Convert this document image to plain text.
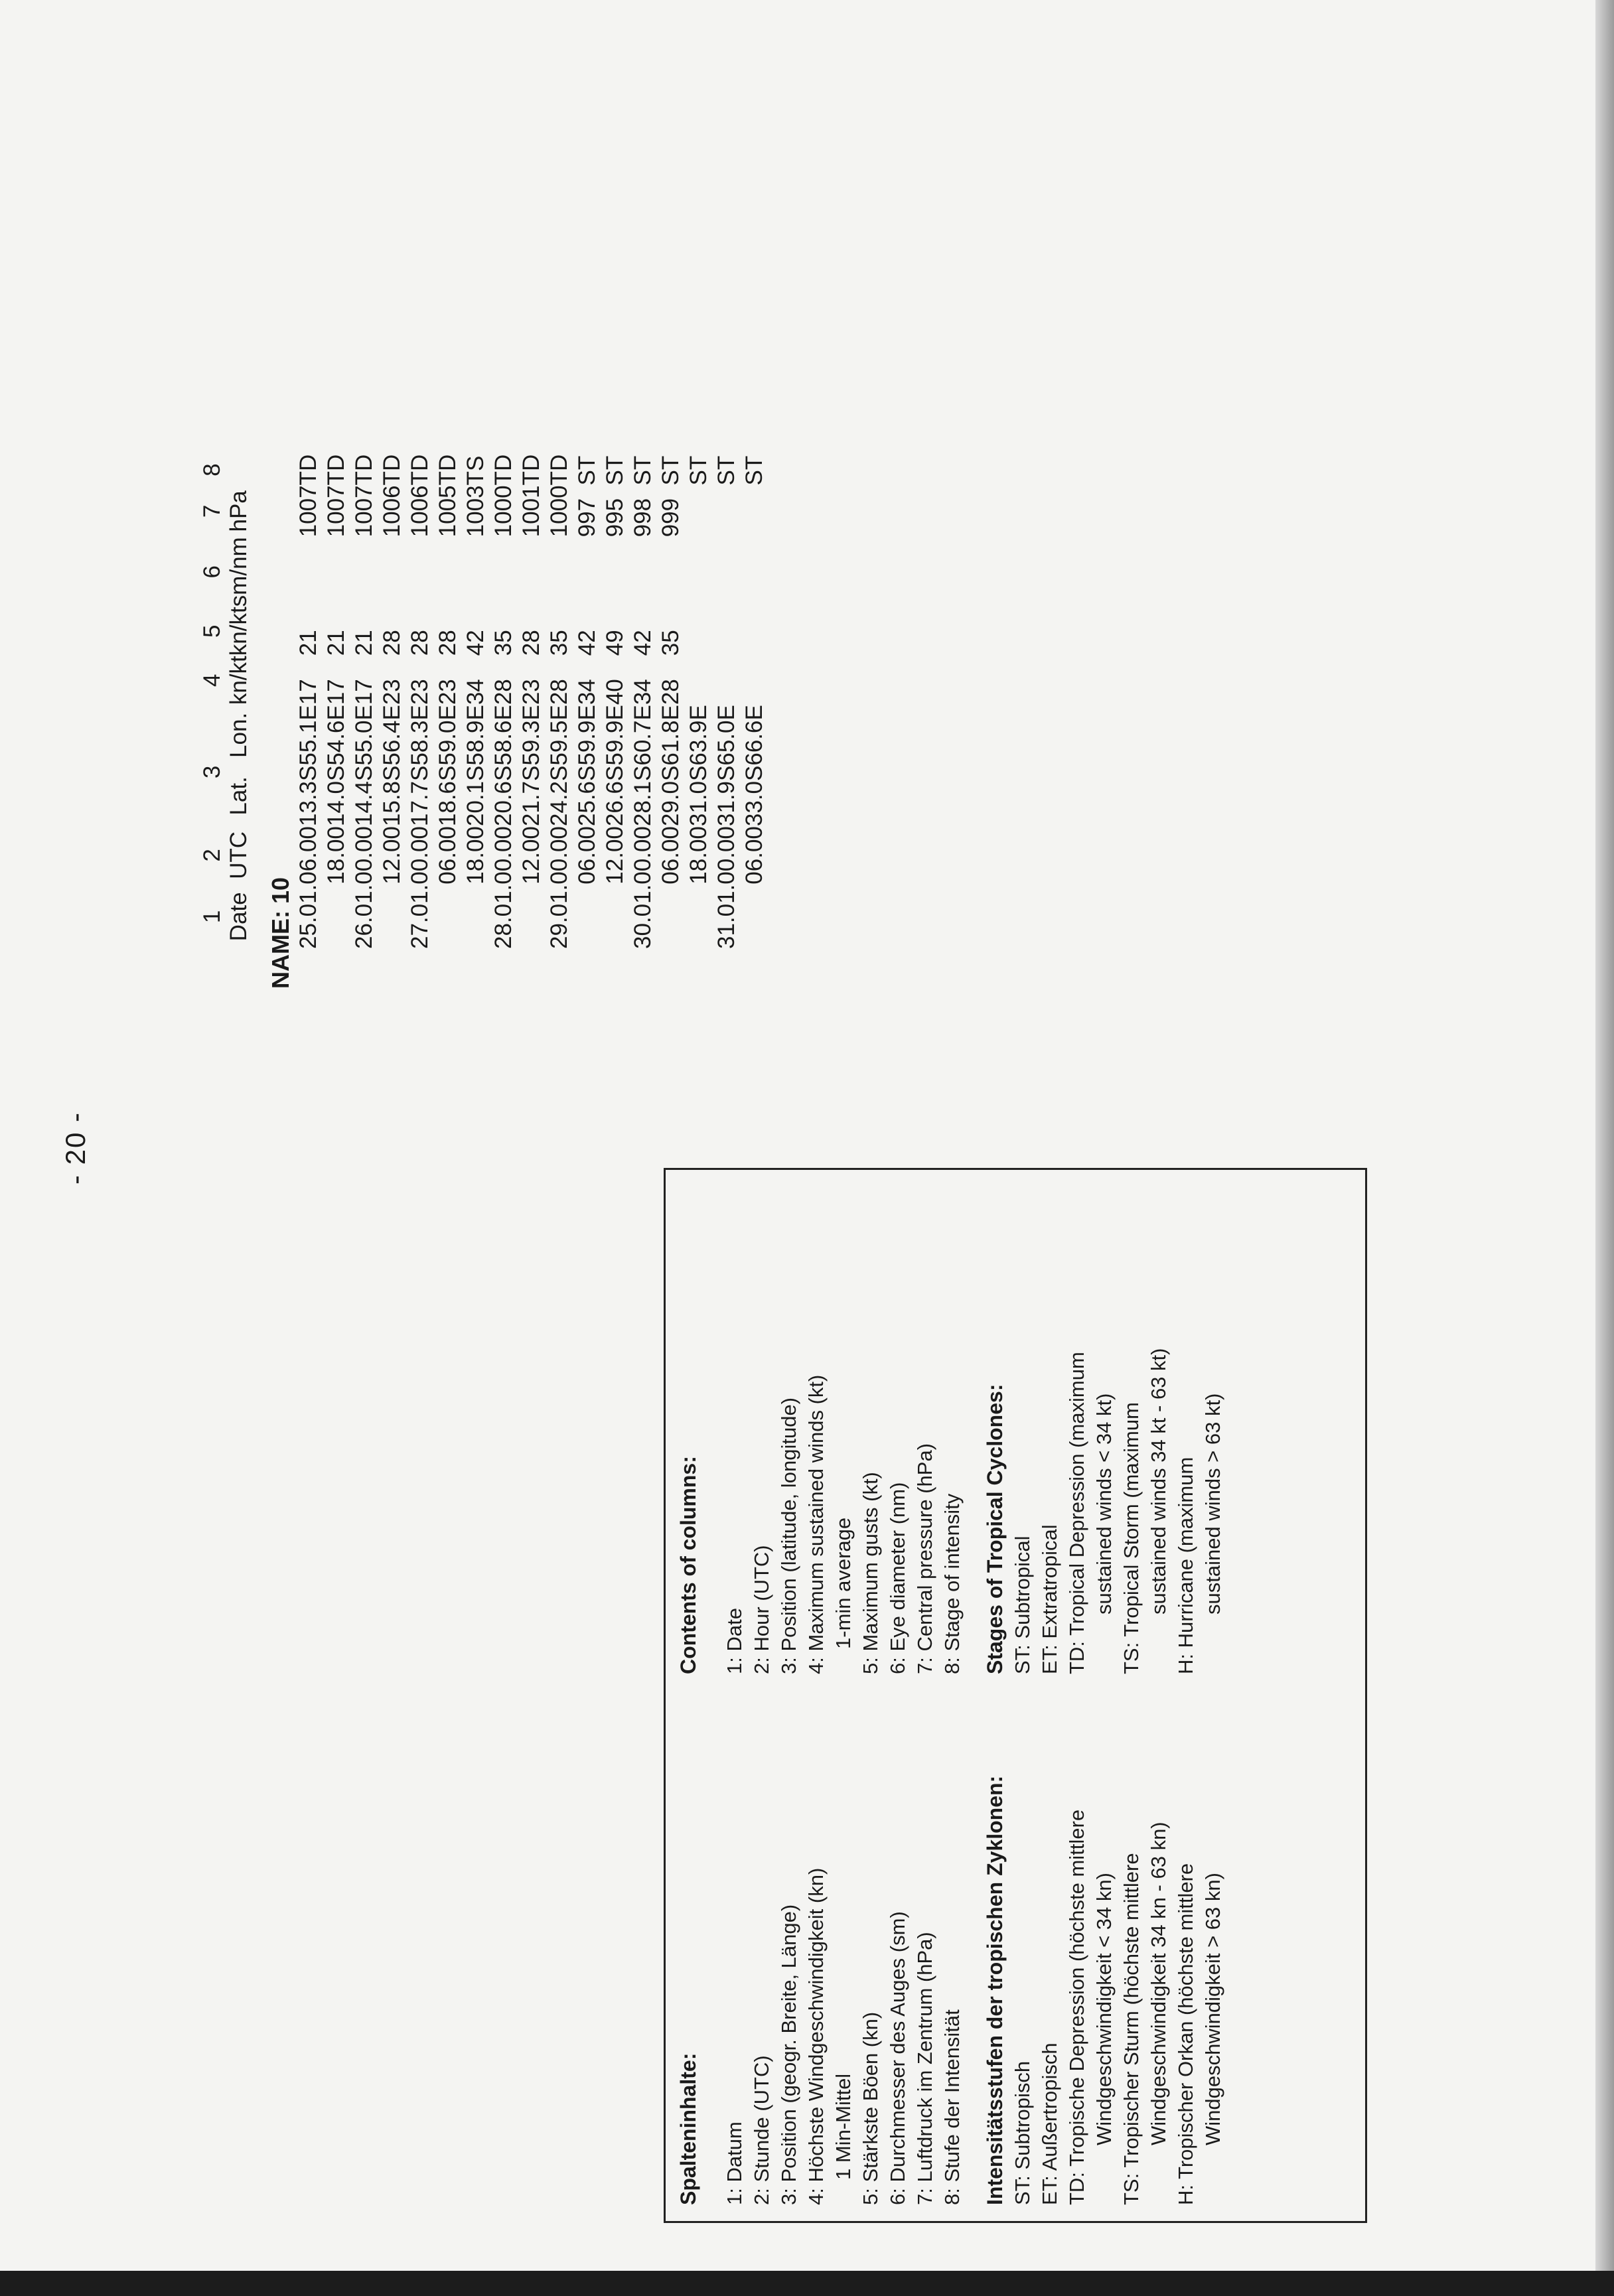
- 20 -
1	2	3		4	5	6	7	8
Date	UTC	Lat.	Lon.	kn/kt	kn/kt	sm/nm	hPa	

NAME: 10
25.01.	06.00	13.3S	55.1E	17	21		1007	TD
	18.00	14.0S	54.6E	17	21		1007	TD
26.01.	00.00	14.4S	55.0E	17	21		1007	TD
	12.00	15.8S	56.4E	23	28		1006	TD
27.01.	00.00	17.7S	58.3E	23	28		1006	TD
	06.00	18.6S	59.0E	23	28		1005	TD
	18.00	20.1S	58.9E	34	42		1003	TS
28.01.	00.00	20.6S	58.6E	28	35		1000	TD
	12.00	21.7S	59.3E	23	28		1001	TD
29.01.	00.00	24.2S	59.5E	28	35		1000	TD
	06.00	25.6S	59.9E	34	42		997	ST
	12.00	26.6S	59.9E	40	49		995	ST
30.01.	00.00	28.1S	60.7E	34	42		998	ST
	06.00	29.0S	61.8E	28	35		999	ST
	18.00	31.0S	63.9E					ST
31.01.	00.00	31.9S	65.0E					ST
	06.00	33.0S	66.6E					ST
Spalteninhalte: 1: Datum 2: Stunde (UTC) 3: Position (geogr. Breite, Länge) 4: Höchste Windgeschwindigkeit (kn) 1 Min-Mittel 5: Stärkste Böen (kn) 6: Durchmesser des Auges (sm) 7: Luftdruck im Zentrum (hPa) 8: Stufe der Intensität Intensitätsstufen der tropischen Zyklonen: ST: Subtropisch ET: Außertropisch TD: Tropische Depression (höchste mittlere Windgeschwindigkeit < 34 kn) TS: Tropischer Sturm (höchste mittlere Windgeschwindigkeit 34 kn - 63 kn) H: Tropischer Orkan (höchste mittlere Windgeschwindigkeit > 63 kn)
Contents of columns: 1: Date 2: Hour (UTC) 3: Position (latitude, longitude) 4: Maximum sustained winds (kt) 1-min average 5: Maximum gusts (kt) 6: Eye diameter (nm) 7: Central pressure (hPa) 8: Stage of intensity Stages of Tropical Cyclones: ST: Subtropical ET: Extratropical TD: Tropical Depression (maximum sustained winds < 34 kt) TS: Tropical Storm (maximum sustained winds 34 kt - 63 kt) H: Hurricane (maximum sustained winds > 63 kt)
